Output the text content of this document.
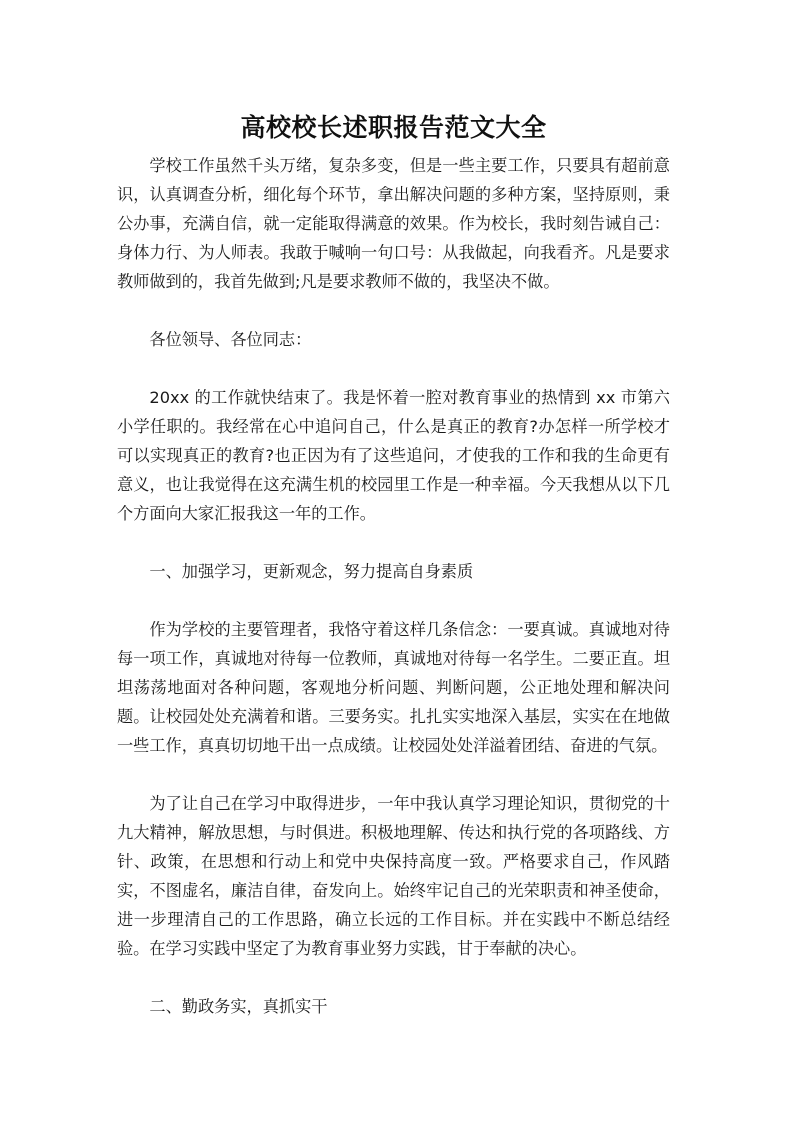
高校校长述职报告范文大全

学校工作虽然千头万绪，复杂多变，但是一些主要工作，只要具有超前意识，认真调查分析，细化每个环节，拿出解决问题的多种方案，坚持原则，秉公办事，充满自信，就一定能取得满意的效果。作为校长，我时刻告诫自己：身体力行、为人师表。我敢于喊响一句口号：从我做起，向我看齐。凡是要求教师做到的，我首先做到;凡是要求教师不做的，我坚决不做。

各位领导、各位同志：

20xx 的工作就快结束了。我是怀着一腔对教育事业的热情到 xx 市第六小学任职的。我经常在心中追问自己，什么是真正的教育?办怎样一所学校才可以实现真正的教育?也正因为有了这些追问，才使我的工作和我的生命更有意义，也让我觉得在这充满生机的校园里工作是一种幸福。今天我想从以下几个方面向大家汇报我这一年的工作。

一、加强学习，更新观念，努力提高自身素质

作为学校的主要管理者，我恪守着这样几条信念：一要真诚。真诚地对待每一项工作，真诚地对待每一位教师，真诚地对待每一名学生。二要正直。坦坦荡荡地面对各种问题，客观地分析问题、判断问题，公正地处理和解决问题。让校园处处充满着和谐。三要务实。扎扎实实地深入基层，实实在在地做一些工作，真真切切地干出一点成绩。让校园处处洋溢着团结、奋进的气氛。

为了让自己在学习中取得进步，一年中我认真学习理论知识，贯彻党的十九大精神，解放思想，与时俱进。积极地理解、传达和执行党的各项路线、方针、政策，在思想和行动上和党中央保持高度一致。严格要求自己，作风踏实，不图虚名，廉洁自律，奋发向上。始终牢记自己的光荣职责和神圣使命，进一步理清自己的工作思路，确立长远的工作目标。并在实践中不断总结经验。在学习实践中坚定了为教育事业努力实践，甘于奉献的决心。

二、勤政务实，真抓实干
